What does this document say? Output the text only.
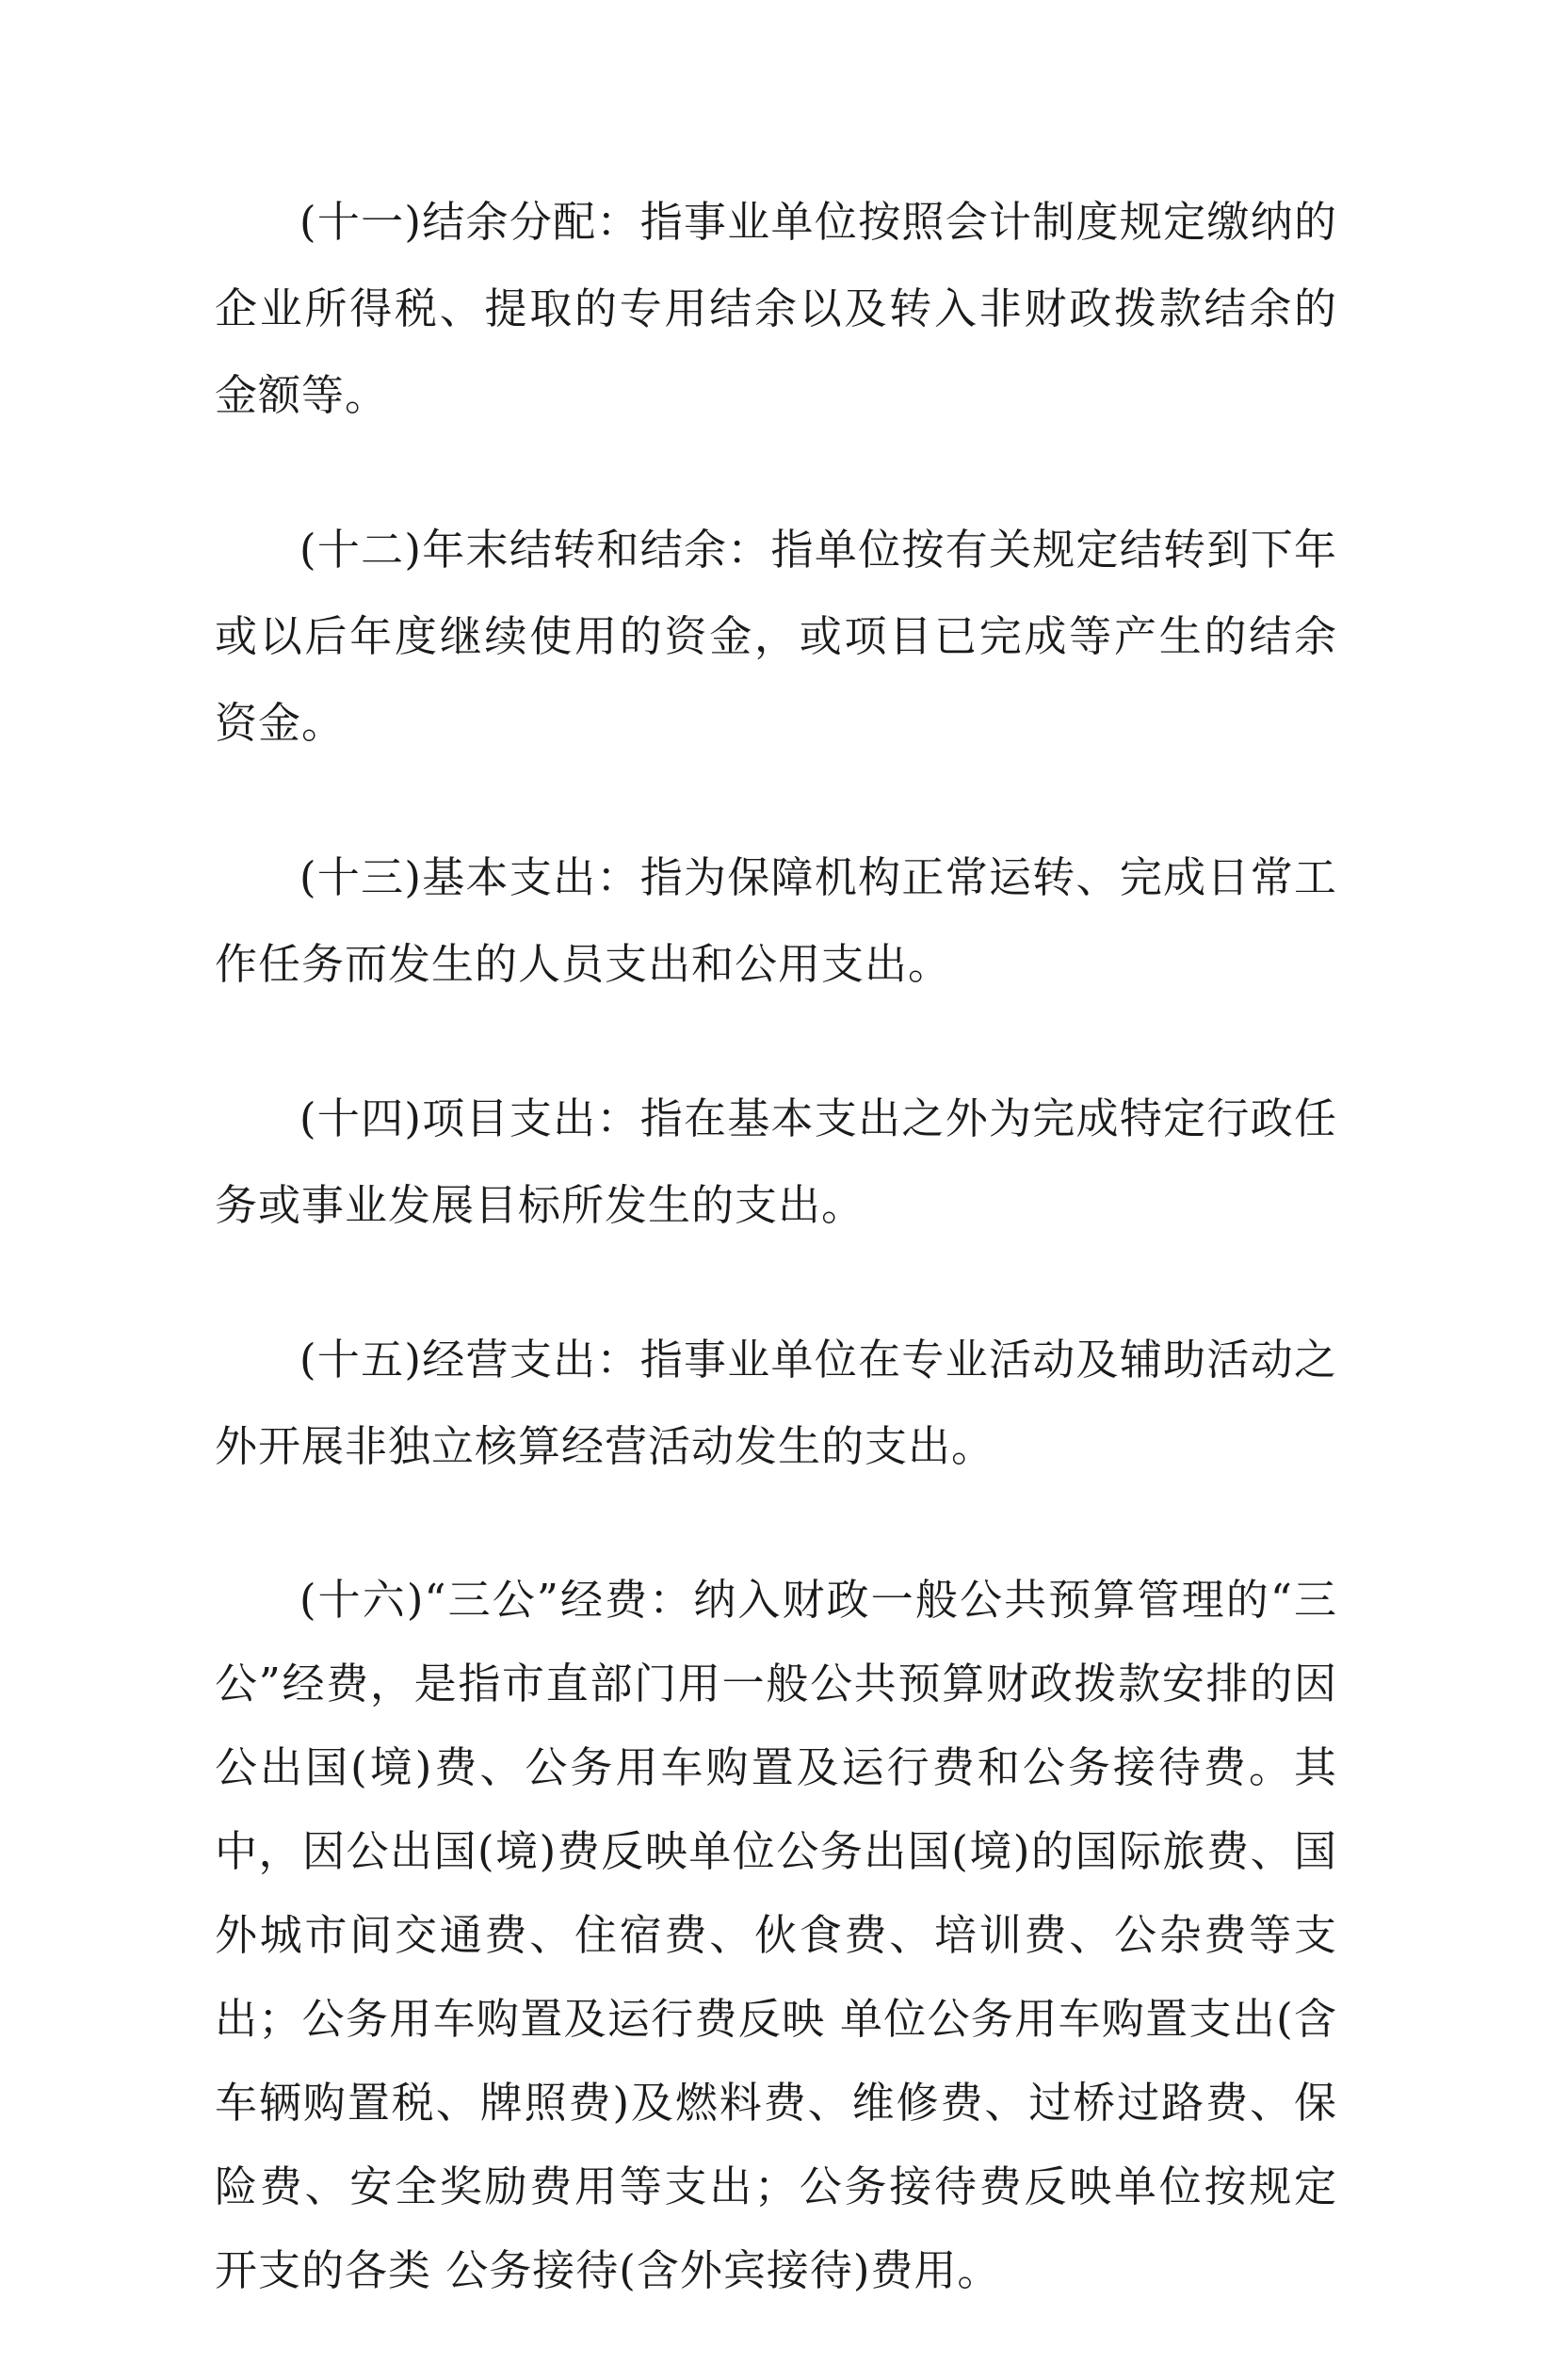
(十一)结余分配：指事业单位按照会计制度规定缴纳的企业所得税、提取的专用结余以及转入非财政拨款结余的金额等。

(十二)年末结转和结余：指单位按有关规定结转到下年或以后年度继续使用的资金，或项目已完成等产生的结余资金。

(十三)基本支出：指为保障机构正常运转、完成日常工作任务而发生的人员支出和公用支出。

(十四)项目支出：指在基本支出之外为完成特定行政任务或事业发展目标所发生的支出。

(十五)经营支出：指事业单位在专业活动及辅助活动之外开展非独立核算经营活动发生的支出。

(十六)“三公”经费：纳入财政一般公共预算管理的“三公”经费，是指市直部门用一般公共预算财政拨款安排的因公出国(境)费、公务用车购置及运行费和公务接待费。其中，因公出国(境)费反映单位公务出国(境)的国际旅费、国外城市间交通费、住宿费、伙食费、培训费、公杂费等支出；公务用车购置及运行费反映 单位公务用车购置支出(含车辆购置税、牌照费)及燃料费、维修费、过桥过路费、保险费、安全奖励费用等支出；公务接待费反映单位按规定开支的各类 公务接待(含外宾接待)费用。
